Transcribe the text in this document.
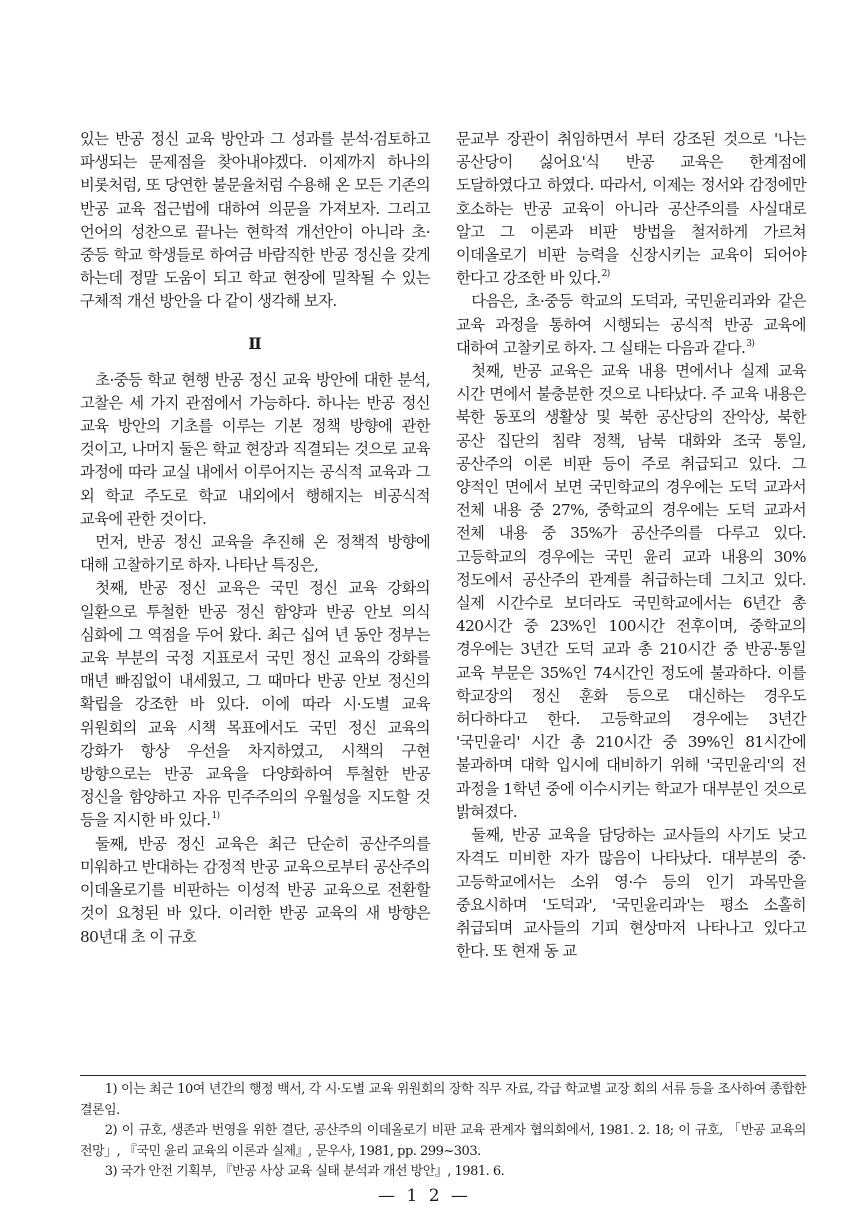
있는 반공 정신 교육 방안과 그 성과를 분석·검토하고 파생되는 문제점을 찾아내야겠다. 이제까지 하나의 비롯처럼, 또 당연한 불문율처럼 수용해 온 모든 기존의 반공 교육 접근법에 대하여 의문을 가져보자. 그리고 언어의 성찬으로 끝나는 현학적 개선안이 아니라 초·중등 학교 학생들로 하여금 바람직한 반공 정신을 갖게 하는데 정말 도움이 되고 학교 현장에 밀착될 수 있는 구체적 개선 방안을 다 같이 생각해 보자.

Ⅱ

초·중등 학교 현행 반공 정신 교육 방안에 대한 분석, 고찰은 세 가지 관점에서 가능하다. 하나는 반공 정신 교육 방안의 기초를 이루는 기본 정책 방향에 관한 것이고, 나머지 둘은 학교 현장과 직결되는 것으로 교육 과정에 따라 교실 내에서 이루어지는 공식적 교육과 그 외 학교 주도로 학교 내외에서 행해지는 비공식적 교육에 관한 것이다.

먼저, 반공 정신 교육을 추진해 온 정책적 방향에 대해 고찰하기로 하자. 나타난 특징은,

첫째, 반공 정신 교육은 국민 정신 교육 강화의 일환으로 투철한 반공 정신 함양과 반공 안보 의식 심화에 그 역점을 두어 왔다. 최근 십여 년 동안 정부는 교육 부분의 국정 지표로서 국민 정신 교육의 강화를 매년 빠짐없이 내세웠고, 그 때마다 반공 안보 정신의 확립을 강조한 바 있다. 이에 따라 시·도별 교육 위원회의 교육 시책 목표에서도 국민 정신 교육의 강화가 항상 우선을 차지하였고, 시책의 구현 방향으로는 반공 교육을 다양화하여 투철한 반공 정신을 함양하고 자유 민주주의의 우월성을 지도할 것 등을 지시한 바 있다.$^{1)}$

둘째, 반공 정신 교육은 최근 단순히 공산주의를 미워하고 반대하는 감정적 반공 교육으로부터 공산주의 이데올로기를 비판하는 이성적 반공 교육으로 전환할 것이 요청된 바 있다. 이러한 반공 교육의 새 방향은 80년대 초 이 규호

문교부 장관이 취임하면서 부터 강조된 것으로 '나는 공산당이 싫어요'식 반공 교육은 한계점에 도달하였다고 하였다. 따라서, 이제는 정서와 감정에만 호소하는 반공 교육이 아니라 공산주의를 사실대로 알고 그 이론과 비판 방법을 철저하게 가르쳐 이데올로기 비판 능력을 신장시키는 교육이 되어야 한다고 강조한 바 있다.$^{2)}$

다음은, 초·중등 학교의 도덕과, 국민윤리과와 같은 교육 과정을 통하여 시행되는 공식적 반공 교육에 대하여 고찰키로 하자. 그 실태는 다음과 같다.$^{3)}$

첫째, 반공 교육은 교육 내용 면에서나 실제 교육 시간 면에서 불충분한 것으로 나타났다. 주 교육 내용은 북한 동포의 생활상 및 북한 공산당의 잔악상, 북한 공산 집단의 침략 정책, 남북 대화와 조국 통일, 공산주의 이론 비판 등이 주로 취급되고 있다. 그 양적인 면에서 보면 국민학교의 경우에는 도덕 교과서 전체 내용 중 27%, 중학교의 경우에는 도덕 교과서 전체 내용 중 35%가 공산주의를 다루고 있다. 고등학교의 경우에는 국민 윤리 교과 내용의 30% 정도에서 공산주의 관계를 취급하는데 그치고 있다. 실제 시간수로 보더라도 국민학교에서는 6년간 총 420시간 중 23%인 100시간 전후이며, 중학교의 경우에는 3년간 도덕 교과 총 210시간 중 반공·통일 교육 부문은 35%인 74시간인 정도에 불과하다. 이를 학교장의 정신 훈화 등으로 대신하는 경우도 허다하다고 한다. 고등학교의 경우에는 3년간 '국민윤리' 시간 총 210시간 중 39%인 81시간에 불과하며 대학 입시에 대비하기 위해 '국민윤리'의 전 과정을 1학년 중에 이수시키는 학교가 대부분인 것으로 밝혀졌다.

둘째, 반공 교육을 담당하는 교사들의 사기도 낮고 자격도 미비한 자가 많음이 나타났다. 대부분의 중·고등학교에서는 소위 영·수 등의 인기 과목만을 중요시하며 '도덕과', '국민윤리과'는 평소 소홀히 취급되며 교사들의 기피 현상마저 나타나고 있다고 한다. 또 현재 동 교

1) 이는 최근 10여 년간의 행정 백서, 각 시·도별 교육 위원회의 장학 직무 자료, 각급 학교별 교장 회의 서류 등을 조사하여 종합한 결론임.

2) 이 규호, 생존과 번영을 위한 결단, 공산주의 이데올로기 비판 교육 관계자 협의회에서, 1981. 2. 18; 이 규호, 「반공 교육의 전망」, 『국민 윤리 교육의 이론과 실제』, 문우사, 1981, pp. 299~303.

3) 국가 안전 기획부, 『반공 사상 교육 실태 분석과 개선 방안』, 1981. 6.

— 1 2 —
